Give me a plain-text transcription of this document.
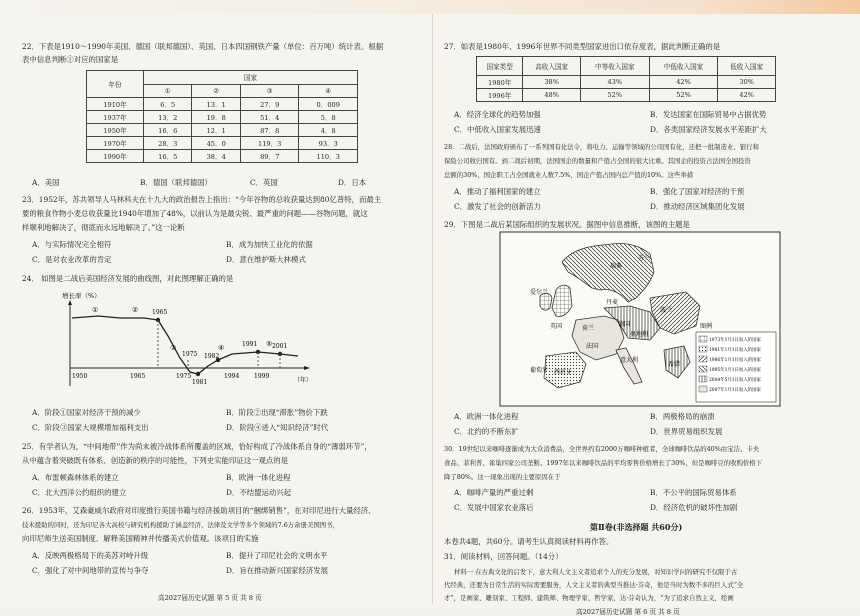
22．下表是1910～1990年美国、德国（联邦德国）、英国、日本四国钢铁产量（单位：百万吨）统计表。根据
表中信息判断①对应的国家是
年份	国家			
	①	②	③	④
1910年	6．5	13．1	27．9	0．009
1937年	13．2	19．8	51．4	5．8
1950年	16．6	12．1	87．8	4．8
1970年	28．3	45．0	119．3	93．3
1990年	16．5	38．4	89．7	110．3
A．美国	B．德国（联邦德国）	C．英国	D．日本
23．1952年，苏共领导人马林科夫在十九大的政治报告上指出：“今年谷物的总收获量达到80亿普特，而最主
要的粮食作物小麦总收获量比1940年增加了48%，以前认为是最尖锐、最严重的问题——谷物问题，就这
样顺利地解决了，彻底而永远地解决了。”这一论断
A．与实际情况完全相符	B．成为加快工业化的依据
C．是对农业改革的肯定	D．意在维护斯大林模式
24． 如图是二战后美国经济发展的曲线图，对此图理解正确的是
增长率（%）
（年）
①	②
③	④	⑤
1965
1975 1982
1991 2001
1981
1950	1965	1975	1994 1999
A．阶段①国家对经济干预的减少	B．阶段②出现“滞胀”物价下跌
C．阶段③国家大规模增加福利支出	D．阶段④进入“知识经济”时代
25．有学者认为，“中间地带”作为尚未被冷战体系所覆盖的区域，恰好构成了冷战体系自身的“薄弱环节”，
从中蕴含着突破既有体系、创造新的秩序的可能性，下列史实能印证这一观点的是
A．布雷顿森林体系的建立	B．欧洲一体化进程
C．北大西洋公约组织的建立	D．不结盟运动兴起
26．1953年，艾森豪威尔政府对印度推行美国书籍与经济援助项目的“捆绑销售”，在对印尼进行大量经济、
技术援助的同时，还为印尼各大高校与研究机构援助了涵盖经济、法律及文学等多个领域的7.6万余册美国图书，
向印尼师生送美国制度、解释美国精神并传播美式价值观。该项目的实施
A．反映两极格局下的美苏对峙升级	B．提升了印尼社会的文明水平
C．强化了对中间地带的宣传与争夺	D．旨在推动新兴国家经济发展
高2027届历史试题 第 5 页 共 8 页
27．如表是1980年、1996年世界不同类型国家进出口依存度表，据此判断正确的是
国家类型	高收入国家	中等收入国家	中低收入国家	低收入国家
1980年	38%	43%	42%	30%
1996年	48%	52%	52%	42%
A．经济全球化的趋势加强	B．发达国家在国际贸易中占据优势
C．中低收入国家发展迅速	D．各类国家经济发展水平差距扩大
28．二战后，法国政府颁布了一系列国有化法令，将电力、运输等领域的公司国有化，还把一批制造业、银行和
保险公司收归国有。到二战后初期，法国国企的数量和产值占全国的很大比重。其国企的投资占法国全国投资
总额的30%，国企职工占全国就业人数7.5%，国企产值占国内总产值的10%。这些举措
A．推动了福利国家的建立	B．强化了国家对经济的干预
C．激发了社会的创新活力	D．推动经济区域集团化发展
29．下图是二战后某国际组织的发展状况。据图中信息推断，该图的主题是
爱尔兰
英国
丹麦
荷兰
德国
法国
西班牙
葡萄牙
瑞典
芬兰
意大利
希腊
奥地利
波兰
图例
1973年1月1日加入的国家
1981年1月1日加入的国家
1986年1月1日加入的国家
1995年1月1日加入的国家
2004年5月1日加入的国家
2007年1月1日加入的国家
A．欧洲一体化进程	B．两极格局的崩溃
C．北约的不断东扩	D．世界贸易组织发展
30．19世纪以来咖啡逐渐成为大众消费品，全世界约有2000万咖啡种植者，全球咖啡饮品的40%由宝洁、卡夫
食品、菲利普、雀巢四家公司垄断。1997年以来咖啡饮品的平均零售价格增长了30%，但是咖啡豆的收购价格下
降了80%。这一现象出现的主要原因在于
A．咖啡产量的严重过剩	B．不公平的国际贸易体系
C．发展中国家农业落后	D．经济危机的破坏性加剧
第Ⅱ卷(非选择题 共60分)
本卷共4题，共60分。请考生认真阅读材料再作答。
31．阅读材料，回答问题。（14分）
材料一 在古典文化的启发下，意大利人文主义者追求个人的充分发展，对知识学问的研究不仅限于古
代经典，还要为日常生活的实际需要服务，人文主义者的典型当推达·芬奇，他是当时为数不多的巨人式“全
才”，是画家、雕刻家、工程师、建筑师、物理学家、哲学家，达·芬奇认为，“为了追求自然主义，绘画
高2027届历史试题 第 6 页 共 8 页
